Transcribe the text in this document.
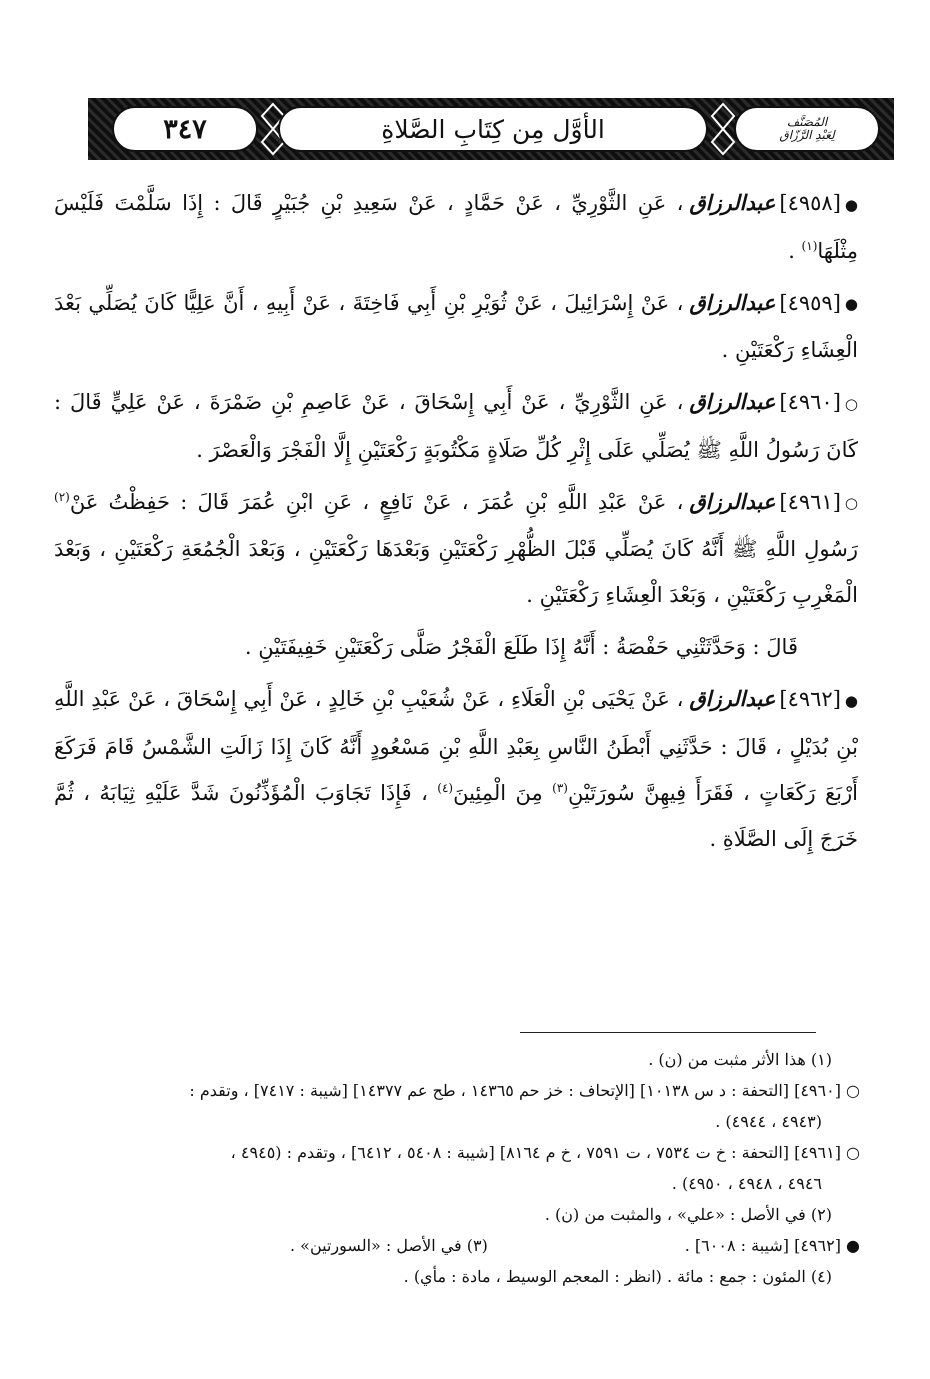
المُصَنَّف
لِعَبْدِ الرَّزّاق
الأوَّل مِن كِتَابِ الصَّلاةِ
٣٤٧

●[٤٩٥٨]عبدالرزاق، عَنِ الثَّوْرِيِّ ، عَنْ حَمَّادٍ ، عَنْ سَعِيدِ بْنِ جُبَيْرٍ قَالَ : إِذَا سَلَّمْتَ فَلَيْسَ مِثْلَهَا$^{(١)}$ .

●[٤٩٥٩]عبدالرزاق، عَنْ إِسْرَائِيلَ ، عَنْ ثُوَيْرِ بْنِ أَبِي فَاخِتَةَ ، عَنْ أَبِيهِ ، أَنَّ عَلِيًّا كَانَ يُصَلِّي بَعْدَ الْعِشَاءِ رَكْعَتَيْنِ .

○[٤٩٦٠]عبدالرزاق، عَنِ الثَّوْرِيِّ ، عَنْ أَبِي إِسْحَاقَ ، عَنْ عَاصِمِ بْنِ ضَمْرَةَ ، عَنْ عَلِيٍّ قَالَ : كَانَ رَسُولُ اللَّهِ ﷺ يُصَلِّي عَلَى إِثْرِ كُلِّ صَلَاةٍ مَكْتُوبَةٍ رَكْعَتَيْنِ إِلَّا الْفَجْرَ وَالْعَصْرَ .

○[٤٩٦١]عبدالرزاق، عَنْ عَبْدِ اللَّهِ بْنِ عُمَرَ ، عَنْ نَافِعٍ ، عَنِ ابْنِ عُمَرَ قَالَ : حَفِظْتُ عَنْ$^{(٢)}$ رَسُولِ اللَّهِ ﷺ أَنَّهُ كَانَ يُصَلِّي قَبْلَ الظُّهْرِ رَكْعَتَيْنِ وَبَعْدَهَا رَكْعَتَيْنِ ، وَبَعْدَ الْجُمُعَةِ رَكْعَتَيْنِ ، وَبَعْدَ الْمَغْرِبِ رَكْعَتَيْنِ ، وَبَعْدَ الْعِشَاءِ رَكْعَتَيْنِ .

قَالَ : وَحَدَّثَتْنِي حَفْصَةُ : أَنَّهُ إِذَا طَلَعَ الْفَجْرُ صَلَّى رَكْعَتَيْنِ خَفِيفَتَيْنِ .

●[٤٩٦٢]عبدالرزاق، عَنْ يَحْيَى بْنِ الْعَلَاءِ ، عَنْ شُعَيْبِ بْنِ خَالِدٍ ، عَنْ أَبِي إِسْحَاقَ ، عَنْ عَبْدِ اللَّهِ بْنِ بُدَيْلٍ ، قَالَ : حَدَّثَنِي أَبْطَنُ النَّاسِ بِعَبْدِ اللَّهِ بْنِ مَسْعُودٍ أَنَّهُ كَانَ إِذَا زَالَتِ الشَّمْسُ قَامَ فَرَكَعَ أَرْبَعَ رَكَعَاتٍ ، فَقَرَأَ فِيهِنَّ سُورَتَيْنِ$^{(٣)}$ مِنَ الْمِئِينَ$^{(٤)}$ ، فَإِذَا تَجَاوَبَ الْمُؤَذِّنُونَ شَدَّ عَلَيْهِ ثِيَابَهُ ، ثُمَّ خَرَجَ إِلَى الصَّلَاةِ .

(١) هذا الأثر مثبت من (ن) .

○ [٤٩٦٠] [التحفة : د س ١٠١٣٨] [الإتحاف : خز حم ١٤٣٦٥ ، طح عم ١٤٣٧٧] [شيبة : ٧٤١٧] ، وتقدم :

(٤٩٤٣ ، ٤٩٤٤) .

○ [٤٩٦١] [التحفة : خ ت ٧٥٣٤ ، ت ٧٥٩١ ، خ م ٨١٦٤] [شيبة : ٥٤٠٨ ، ٦٤١٢] ، وتقدم : (٤٩٤٥ ،

٤٩٤٦ ، ٤٩٤٨ ، ٤٩٥٠) .

(٢) في الأصل : «علي» ، والمثبت من (ن) .

● [٤٩٦٢] [شيبة : ٦٠٠٨] .
(٣) في الأصل : «السورتين» .

(٤) المئون : جمع : مائة . (انظر : المعجم الوسيط ، مادة : مأي) .
